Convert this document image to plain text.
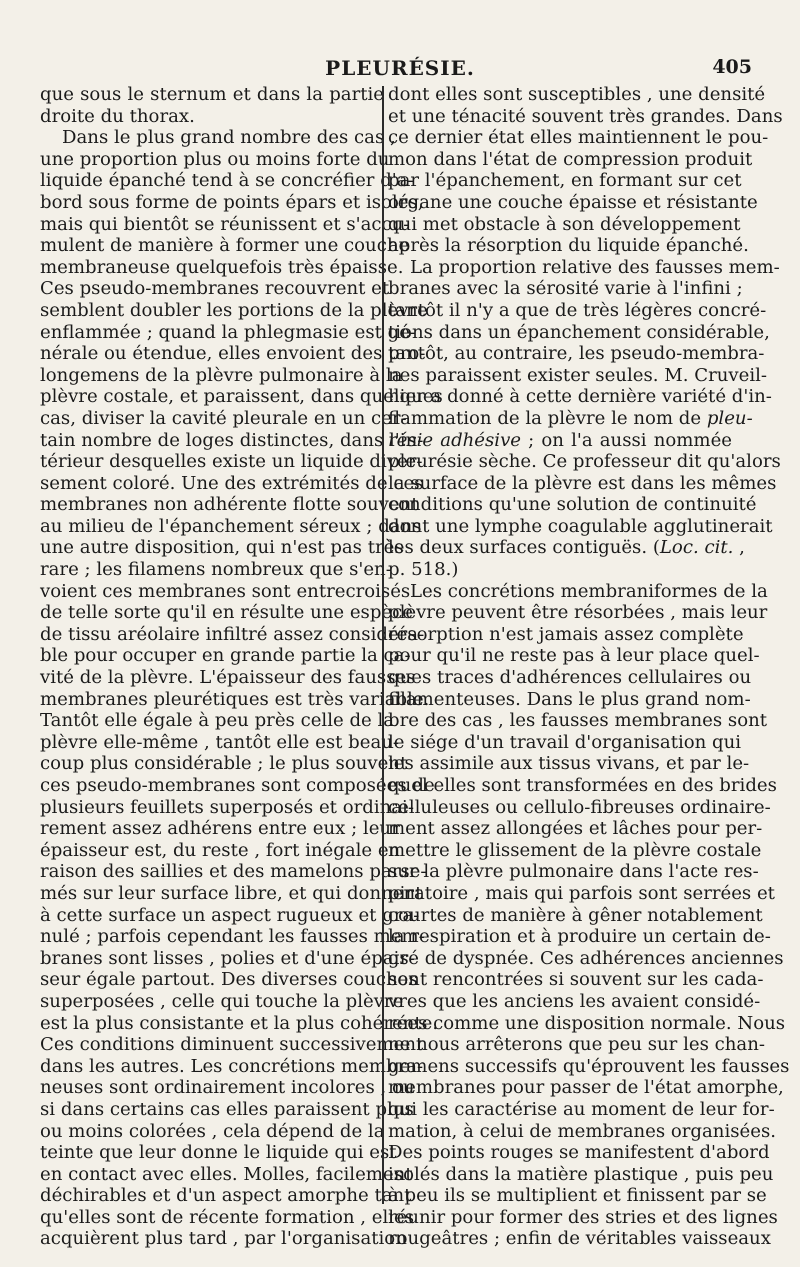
PLEURÉSIE.	405
que sous le sternum et dans la partie
droite du thorax.
Dans le plus grand nombre des cas ,
une proportion plus ou moins forte du
liquide épanché tend à se concréfier d'a-
bord sous forme de points épars et isolés,
mais qui bientôt se réunissent et s'accu-
mulent de manière à former une couche
membraneuse quelquefois très épaisse.
Ces pseudo-membranes recouvrent et
semblent doubler les portions de la plèvre
enflammée ; quand la phlegmasie est gé-
nérale ou étendue, elles envoient des pro-
longemens de la plèvre pulmonaire à la
plèvre costale, et paraissent, dans quelques
cas, diviser la cavité pleurale en un cer-
tain nombre de loges distinctes, dans l'in-
térieur desquelles existe un liquide diver-
sement coloré. Une des extrémités de ces
membranes non adhérente flotte souvent
au milieu de l'épanchement séreux ; dans
une autre disposition, qui n'est pas très
rare ; les filamens nombreux que s'en-
voient ces membranes sont entrecroisés
de telle sorte qu'il en résulte une espèce
de tissu aréolaire infiltré assez considéra-
ble pour occuper en grande partie la ca-
vité de la plèvre. L'épaisseur des fausses
membranes pleurétiques est très variable.
Tantôt elle égale à peu près celle de la
plèvre elle-même , tantôt elle est beau-
coup plus considérable ; le plus souvent
ces pseudo-membranes sont composées de
plusieurs feuillets superposés et ordinai-
rement assez adhérens entre eux ; leur
épaisseur est, du reste , fort inégale en
raison des saillies et des mamelons parse-
més sur leur surface libre, et qui donnent
à cette surface un aspect rugueux et gra-
nulé ; parfois cependant les fausses mem-
branes sont lisses , polies et d'une épais-
seur égale partout. Des diverses couches
superposées , celle qui touche la plèvre
est la plus consistante et la plus cohérente.
Ces conditions diminuent successivement
dans les autres. Les concrétions membra-
neuses sont ordinairement incolores , ou
si dans certains cas elles paraissent plus
ou moins colorées , cela dépend de la
teinte que leur donne le liquide qui est
en contact avec elles. Molles, facilement
déchirables et d'un aspect amorphe tant
qu'elles sont de récente formation , elles
acquièrent plus tard , par l'organisation
dont elles sont susceptibles , une densité
et une ténacité souvent très grandes. Dans
ce dernier état elles maintiennent le pou-
mon dans l'état de compression produit
par l'épanchement, en formant sur cet
organe une couche épaisse et résistante
qui met obstacle à son développement
après la résorption du liquide épanché.
La proportion relative des fausses mem-
branes avec la sérosité varie à l'infini ;
tantôt il n'y a que de très légères concré-
tions dans un épanchement considérable,
tantôt, au contraire, les pseudo-membra-
nes paraissent exister seules. M. Cruveil-
hier a donné à cette dernière variété d'in-
flammation de la plèvre le nom de pleu-
résie adhésive ; on l'a aussi nommée
pleurésie sèche. Ce professeur dit qu'alors
la surface de la plèvre est dans les mêmes
conditions qu'une solution de continuité
dont une lymphe coagulable agglutinerait
les deux surfaces contiguës. (Loc. cit. ,
p. 518.)
Les concrétions membraniformes de la
plèvre peuvent être résorbées , mais leur
résorption n'est jamais assez complète
pour qu'il ne reste pas à leur place quel-
ques traces d'adhérences cellulaires ou
filamenteuses. Dans le plus grand nom-
bre des cas , les fausses membranes sont
le siége d'un travail d'organisation qui
les assimile aux tissus vivans, et par le-
quel elles sont transformées en des brides
celluleuses ou cellulo-fibreuses ordinaire-
ment assez allongées et lâches pour per-
mettre le glissement de la plèvre costale
sur la plèvre pulmonaire dans l'acte res-
piratoire , mais qui parfois sont serrées et
courtes de manière à gêner notablement
la respiration et à produire un certain de-
gré de dyspnée. Ces adhérences anciennes
sont rencontrées si souvent sur les cada-
vres que les anciens les avaient considé-
rées comme une disposition normale. Nous
ne nous arrêterons que peu sur les chan-
gemens successifs qu'éprouvent les fausses
membranes pour passer de l'état amorphe,
qui les caractérise au moment de leur for-
mation, à celui de membranes organisées.
Des points rouges se manifestent d'abord
isolés dans la matière plastique , puis peu
à peu ils se multiplient et finissent par se
réunir pour former des stries et des lignes
rougeâtres ; enfin de véritables vaisseaux
